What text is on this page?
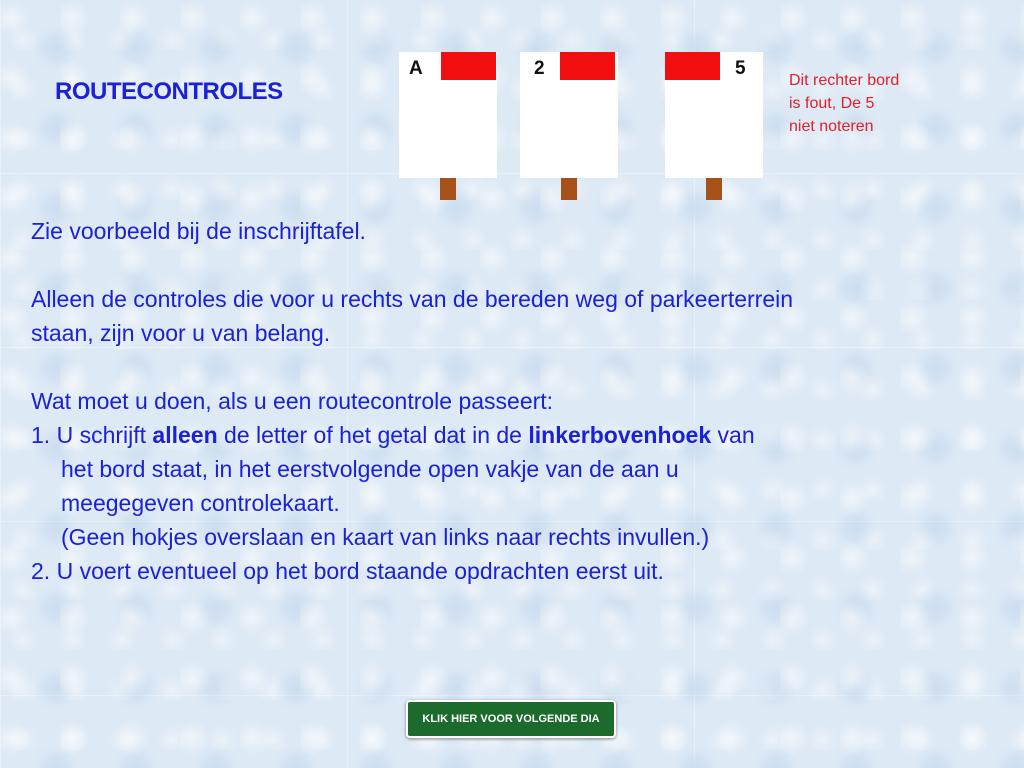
ROUTECONTROLES
A	2	5
Dit rechter bord
is fout, De 5
niet noteren

Zie voorbeeld bij de inschrijftafel.

Alleen de controles die voor u rechts van de bereden weg of parkeerterrein

staan, zijn voor u van belang.

Wat moet u doen, als u een routecontrole passeert:

1. U schrijft alleen de letter of het getal dat in de linkerbovenhoek van

het bord staat, in het eerstvolgende open vakje van de aan u

meegegeven controlekaart.

(Geen hokjes overslaan en kaart van links naar rechts invullen.)

2. U voert eventueel op het bord staande opdrachten eerst uit.

KLIK HIER VOOR VOLGENDE DIA
